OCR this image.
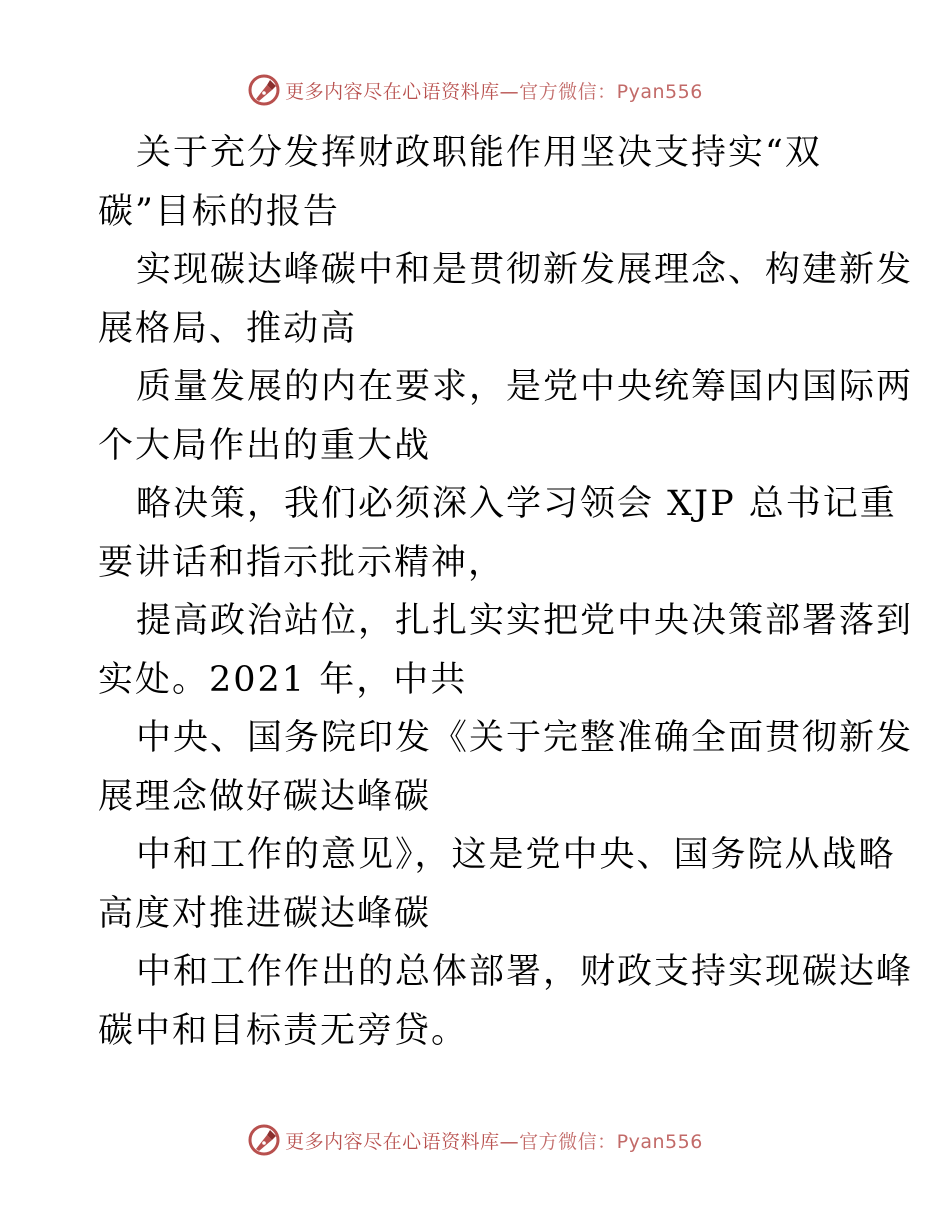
更多内容尽在心语资料库—官方微信：Pyan556
关于充分发挥财政职能作用坚决支持实“双
碳”目标的报告
实现碳达峰碳中和是贯彻新发展理念、构建新发
展格局、推动高
质量发展的内在要求，是党中央统筹国内国际两
个大局作出的重大战
略决策，我们必须深入学习领会 XJP 总书记重
要讲话和指示批示精神，
提高政治站位，扎扎实实把党中央决策部署落到
实处。2021 年，中共
中央、国务院印发《关于完整准确全面贯彻新发
展理念做好碳达峰碳
中和工作的意见》，这是党中央、国务院从战略
高度对推进碳达峰碳
中和工作作出的总体部署，财政支持实现碳达峰
碳中和目标责无旁贷。
更多内容尽在心语资料库—官方微信：Pyan556
